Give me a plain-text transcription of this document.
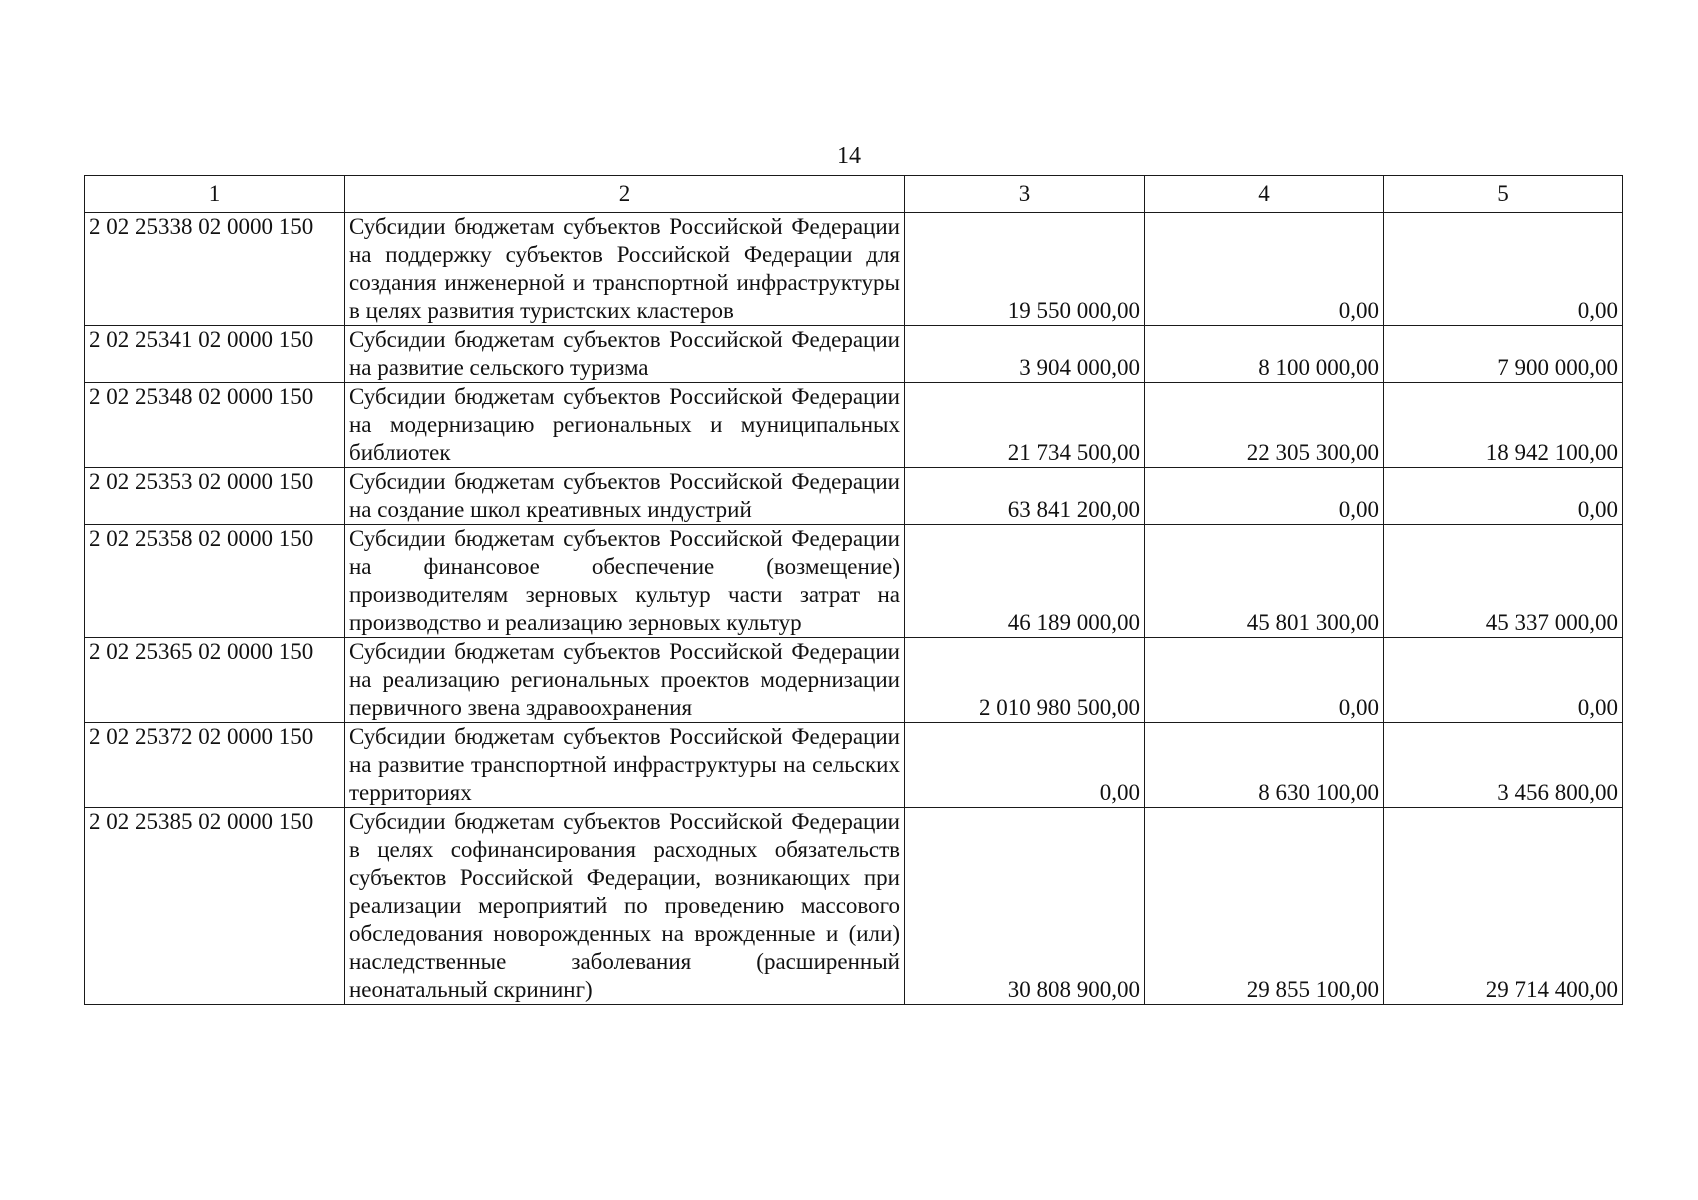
14
1	2	3	4	5
2 02 25338 02 0000 150	Субсидии бюджетам субъектов Российской Федерации на поддержку субъектов Российской Федерации для создания инженерной и транспортной инфраструктуры в целях развития туристских кластеров	19 550 000,00	0,00	0,00
2 02 25341 02 0000 150	Субсидии бюджетам субъектов Российской Федерации на развитие сельского туризма	3 904 000,00	8 100 000,00	7 900 000,00
2 02 25348 02 0000 150	Субсидии бюджетам субъектов Российской Федерации на модернизацию региональных и муниципальных библиотек	21 734 500,00	22 305 300,00	18 942 100,00
2 02 25353 02 0000 150	Субсидии бюджетам субъектов Российской Федерации на создание школ креативных индустрий	63 841 200,00	0,00	0,00
2 02 25358 02 0000 150	Субсидии бюджетам субъектов Российской Федерации на финансовое обеспечение (возмещение) производителям зерновых культур части затрат на производство и реализацию зерновых культур	46 189 000,00	45 801 300,00	45 337 000,00
2 02 25365 02 0000 150	Субсидии бюджетам субъектов Российской Федерации на реализацию региональных проектов модернизации первичного звена здравоохранения	2 010 980 500,00	0,00	0,00
2 02 25372 02 0000 150	Субсидии бюджетам субъектов Российской Федерации на развитие транспортной инфраструктуры на сельских территориях	0,00	8 630 100,00	3 456 800,00
2 02 25385 02 0000 150	Субсидии бюджетам субъектов Российской Федерации в целях софинансирования расходных обязательств субъектов Российской Федерации, возникающих при реализации мероприятий по проведению массового обследования новорожденных на врожденные и (или) наследственные заболевания (расширенный неонатальный скрининг)	30 808 900,00	29 855 100,00	29 714 400,00
